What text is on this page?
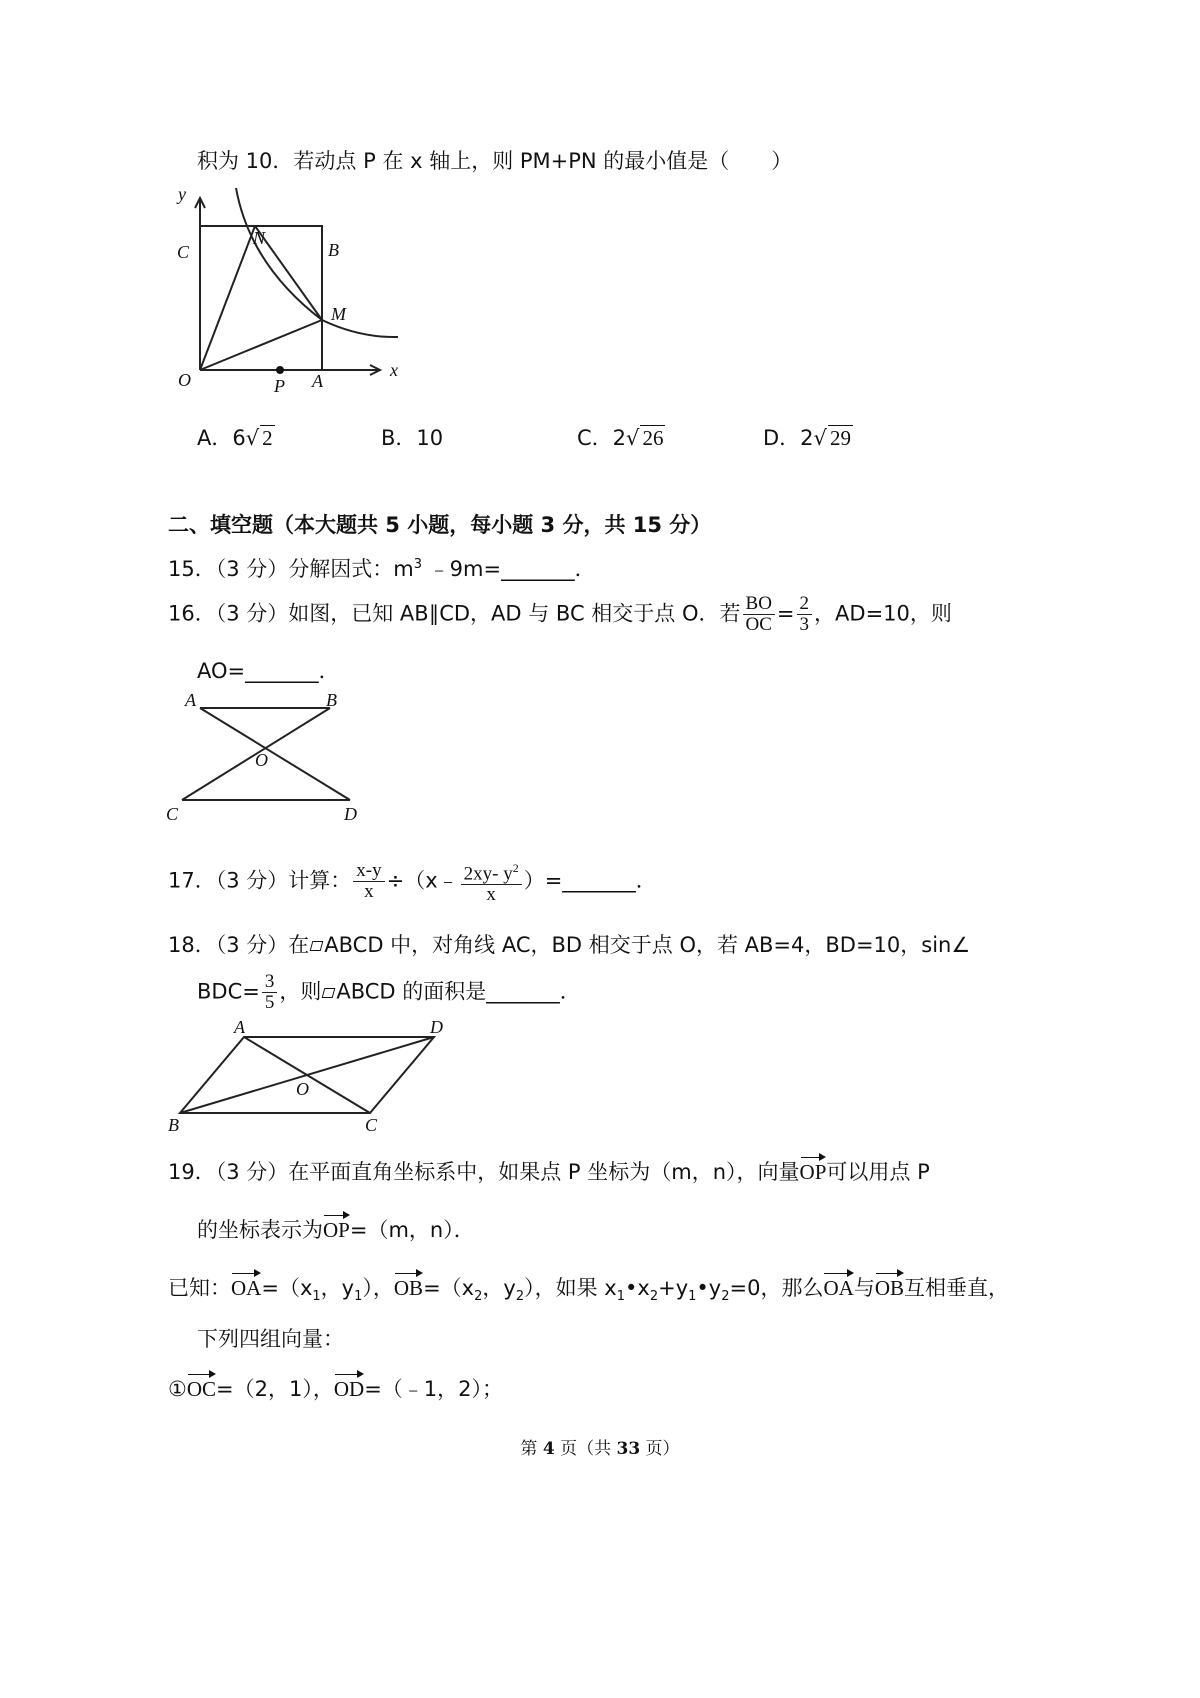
积为 10．若动点 P 在 x 轴上，则 PM+PN 的最小值是（　　）
y
x
C
N
B
M
O	P A
A．6√ 2	B．10	C．2√ 26	D．2√ 29
二、填空题（本大题共 5 小题，每小题 3 分，共 15 分）
15．（3 分）分解因式：$m^3$ ﹣9m=_______．
16．（3 分）如图，已知 AB∥CD，AD 与 BC 相交于点 O．若 $\frac{BO}{OC} = \frac{2}{3}$ ，AD=10，则
AO=_______．
A	B
O
C	D
17．（3 分）计算： $\frac{x-y}{x}$ ÷（x﹣ $\frac{2xy- y^2}{x}$ ）=_______．
18．（3 分）在 ABCD 中，对角线 AC，BD 相交于点 O，若 AB=4，BD=10，sin∠
$BDC= \frac{3}{5}$ ，则 ABCD 的面积是_______．
A	D
O
B	C
19．（3 分）在平面直角坐标系中，如果点 P 坐标为（m，n），向量OP可以用点 P
的坐标表示为OP=（m，n）．
已知：$OA=(x_1$，$y_1$），$OB=(x_2$，$y_2$），如果 $x_1•x_2+y_1•y_2=0$，那么OA与OB互相垂直，
下列四组向量：
①OC=（2，1），OD=（﹣1，2）；
第 4 页（共 33 页）
